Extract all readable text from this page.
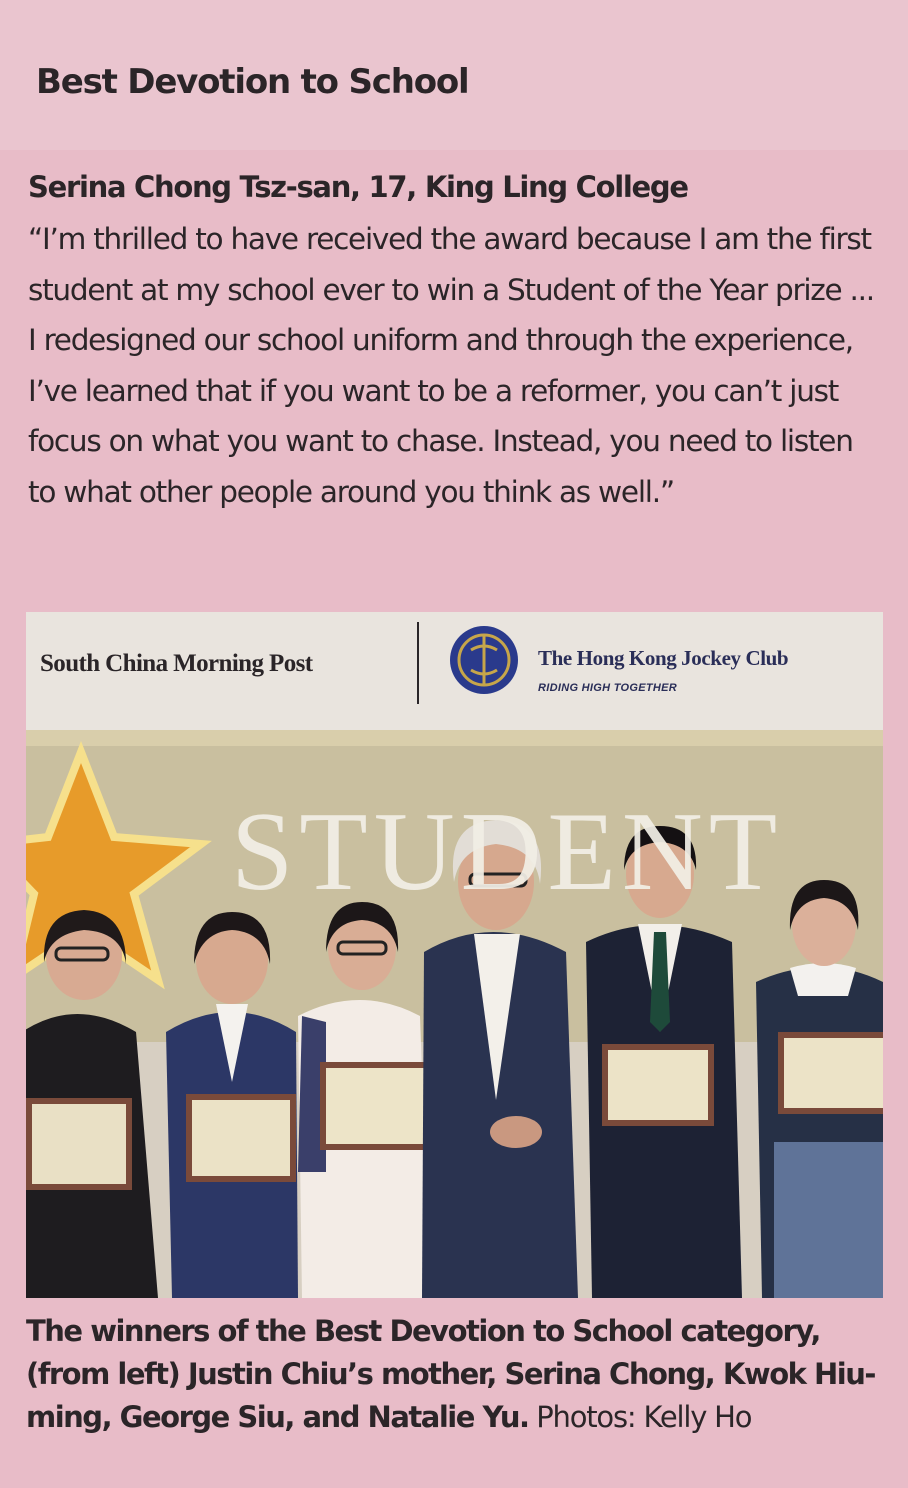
Best Devotion to School

Serina Chong Tsz-san, 17, King Ling College

“I’m thrilled to have received the award because I am the first student at my school ever to win a Student of the Year prize ... I redesigned our school uniform and through the experience, I’ve learned that if you want to be a reformer, you can’t just focus on what you want to chase. Instead, you need to listen to what other people around you think as well.”

South China Morning Post	The Hong Kong Jockey Club
RIDING HIGH TOGETHER
STUDENT

The winners of the Best Devotion to School category, (from left) Justin Chiu’s mother, Serina Chong, Kwok Hiu-ming, George Siu, and Natalie Yu. Photos: Kelly Ho
